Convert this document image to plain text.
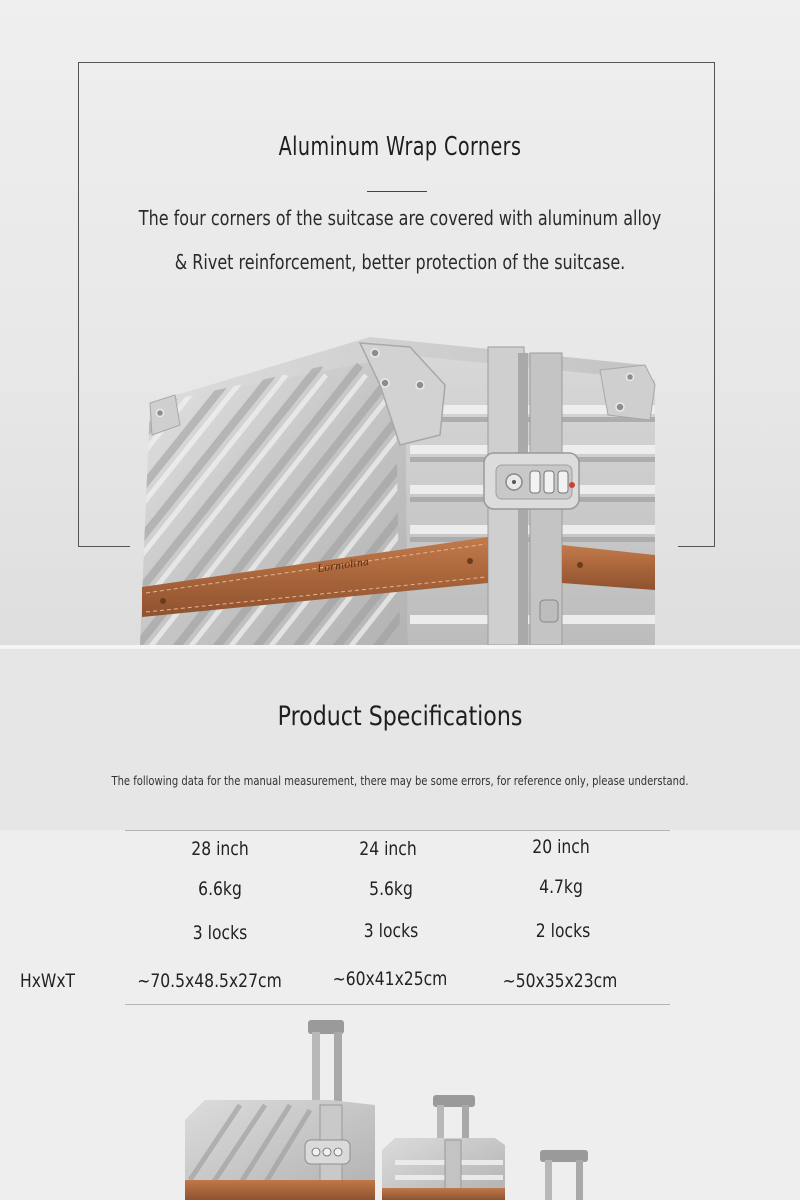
Aluminum Wrap Corners
The four corners of the suitcase are covered with aluminum alloy
& Rivet reinforcement, better protection of the suitcase.
Lormolina
Product Specifications
The following data for the manual measurement, there may be some errors, for reference only, please understand.
28 inch
6.6kg
3 locks
~70.5x48.5x27cm
24 inch
5.6kg
3 locks
~60x41x25cm
20 inch
4.7kg
2 locks
~50x35x23cm
HxWxT
